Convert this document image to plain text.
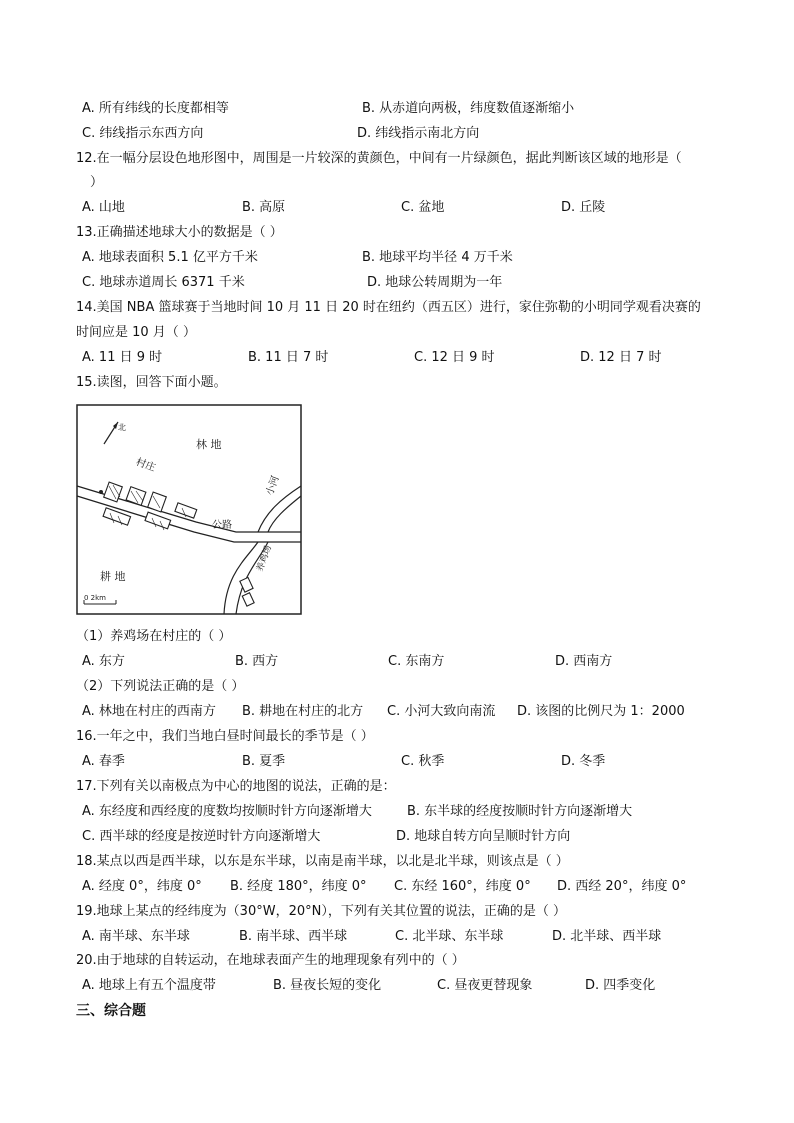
A. 所有纬线的长度都相等	B. 从赤道向两极，纬度数值逐渐缩小
C. 纬线指示东西方向	D. 纬线指示南北方向
12.在一幅分层设色地形图中，周围是一片较深的黄颜色，中间有一片绿颜色，据此判断该区域的地形是（
）
A. 山地	B. 高原	C. 盆地	D. 丘陵
13.正确描述地球大小的数据是（ ）
A. 地球表面积 5.1 亿平方千米	B. 地球平均半径 4 万千米
C. 地球赤道周长 6371 千米	D. 地球公转周期为一年
14.美国 NBA 篮球赛于当地时间 10 月 11 日 20 时在纽约（西五区）进行，家住弥勒的小明同学观看决赛的
时间应是 10 月（ ）
A. 11 日 9 时	B. 11 日 7 时	C. 12 日 9 时	D. 12 日 7 时
15.读图，回答下面小题。
北
林 地
公路
村庄
小河
养鸡场
耕 地
0 2km
（1）养鸡场在村庄的（ ）
A. 东方	B. 西方	C. 东南方	D. 西南方
（2）下列说法正确的是（ ）
A. 林地在村庄的西南方 B. 耕地在村庄的北方 C. 小河大致向南流 D. 该图的比例尺为 1：2000
16.一年之中，我们当地白昼时间最长的季节是（ ）
A. 春季	B. 夏季	C. 秋季	D. 冬季
17.下列有关以南极点为中心的地图的说法，正确的是：
A. 东经度和西经度的度数均按顺时针方向逐渐增大	B. 东半球的经度按顺时针方向逐渐增大
C. 西半球的经度是按逆时针方向逐渐增大	D. 地球自转方向呈顺时针方向
18.某点以西是西半球，以东是东半球，以南是南半球，以北是北半球，则该点是（ ）
A. 经度 0°，纬度 0° B. 经度 180°，纬度 0° C. 东经 160°，纬度 0° D. 西经 20°，纬度 0°
19.地球上某点的经纬度为（30°W，20°N），下列有关其位置的说法，正确的是（ ）
A. 南半球、东半球	B. 南半球、西半球	C. 北半球、东半球	D. 北半球、西半球
20.由于地球的自转运动，在地球表面产生的地理现象有列中的（ ）
A. 地球上有五个温度带	B. 昼夜长短的变化	C. 昼夜更替现象	D. 四季变化
三、综合题
